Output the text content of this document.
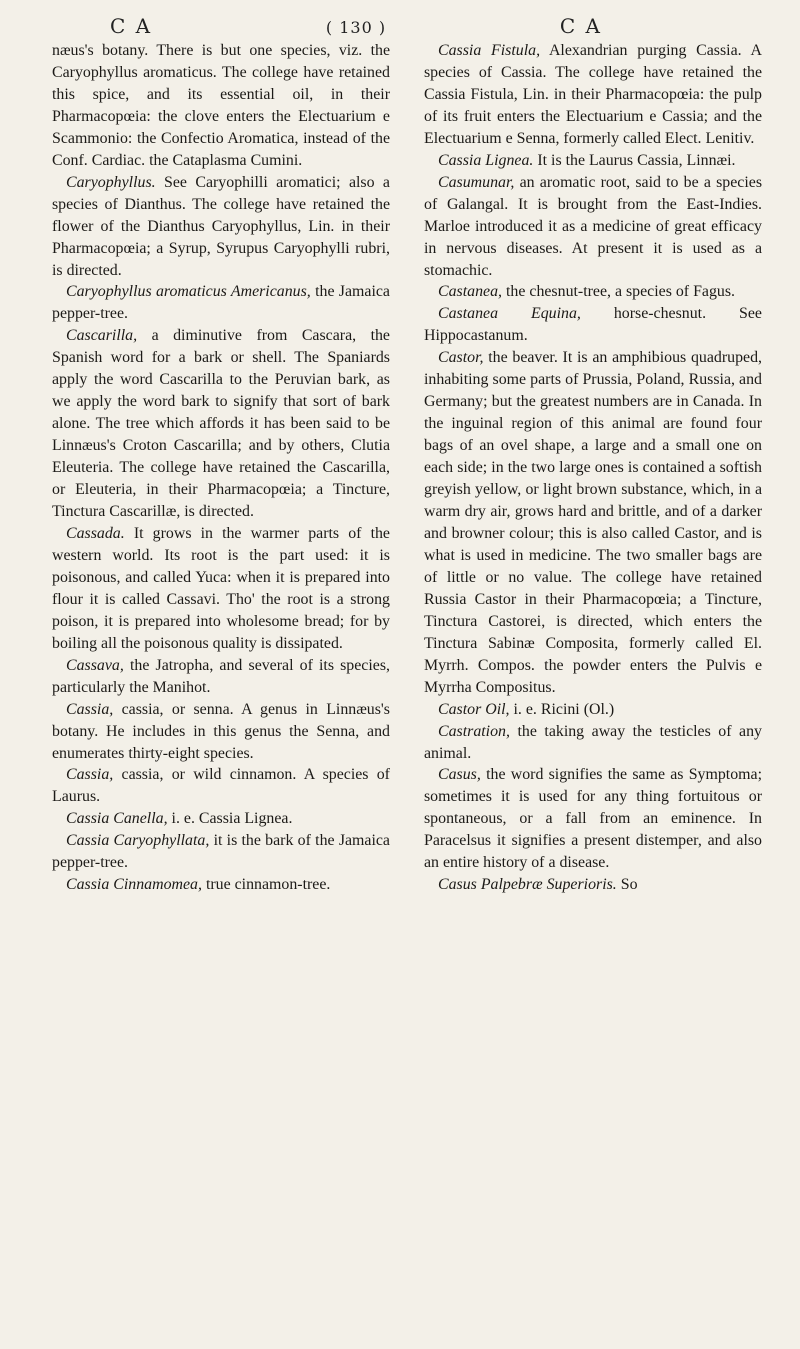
C A	( 130 )	C A

næus's botany. There is but one species, viz. the Caryophyllus aromaticus. The college have retained this spice, and its essential oil, in their Pharmacopœia: the clove enters the Electuarium e Scammonio: the Confectio Aromatica, instead of the Conf. Cardiac. the Cataplasma Cumini.

Caryophyllus. See Caryophilli aromatici; also a species of Dianthus. The college have retained the flower of the Dianthus Caryophyllus, Lin. in their Pharmacopœia; a Syrup, Syrupus Caryophylli rubri, is directed.

Caryophyllus aromaticus Americanus, the Jamaica pepper-tree.

Cascarilla, a diminutive from Cascara, the Spanish word for a bark or shell. The Spaniards apply the word Cascarilla to the Peruvian bark, as we apply the word bark to signify that sort of bark alone. The tree which affords it has been said to be Linnæus's Croton Cascarilla; and by others, Clutia Eleuteria. The college have retained the Cascarilla, or Eleuteria, in their Pharmacopœia; a Tincture, Tinctura Cascarillæ, is directed.

Cassada. It grows in the warmer parts of the western world. Its root is the part used: it is poisonous, and called Yuca: when it is prepared into flour it is called Cassavi. Tho' the root is a strong poison, it is prepared into wholesome bread; for by boiling all the poisonous quality is dissipated.

Cassava, the Jatropha, and several of its species, particularly the Manihot.

Cassia, cassia, or senna. A genus in Linnæus's botany. He includes in this genus the Senna, and enumerates thirty-eight species.

Cassia, cassia, or wild cinnamon. A species of Laurus.

Cassia Canella, i. e. Cassia Lignea.

Cassia Caryophyllata, it is the bark of the Jamaica pepper-tree.

Cassia Cinnamomea, true cinnamon-tree.

Cassia Fistula, Alexandrian purging Cassia. A species of Cassia. The college have retained the Cassia Fistula, Lin. in their Pharmacopœia: the pulp of its fruit enters the Electuarium e Cassia; and the Electuarium e Senna, formerly called Elect. Lenitiv.

Cassia Lignea. It is the Laurus Cassia, Linnæi.

Casumunar, an aromatic root, said to be a species of Galangal. It is brought from the East-Indies. Marloe introduced it as a medicine of great efficacy in nervous diseases. At present it is used as a stomachic.

Castanea, the chesnut-tree, a species of Fagus.

Castanea Equina, horse-chesnut. See Hippocastanum.

Castor, the beaver. It is an amphibious quadruped, inhabiting some parts of Prussia, Poland, Russia, and Germany; but the greatest numbers are in Canada. In the inguinal region of this animal are found four bags of an ovel shape, a large and a small one on each side; in the two large ones is contained a softish greyish yellow, or light brown substance, which, in a warm dry air, grows hard and brittle, and of a darker and browner colour; this is also called Castor, and is what is used in medicine. The two smaller bags are of little or no value. The college have retained Russia Castor in their Pharmacopœia; a Tincture, Tinctura Castorei, is directed, which enters the Tinctura Sabinæ Composita, formerly called El. Myrrh. Compos. the powder enters the Pulvis e Myrrha Compositus.

Castor Oil, i. e. Ricini (Ol.)

Castration, the taking away the testicles of any animal.

Casus, the word signifies the same as Symptoma; sometimes it is used for any thing fortuitous or spontaneous, or a fall from an eminence. In Paracelsus it signifies a present distemper, and also an entire history of a disease.

Casus Palpebræ Superioris. So
